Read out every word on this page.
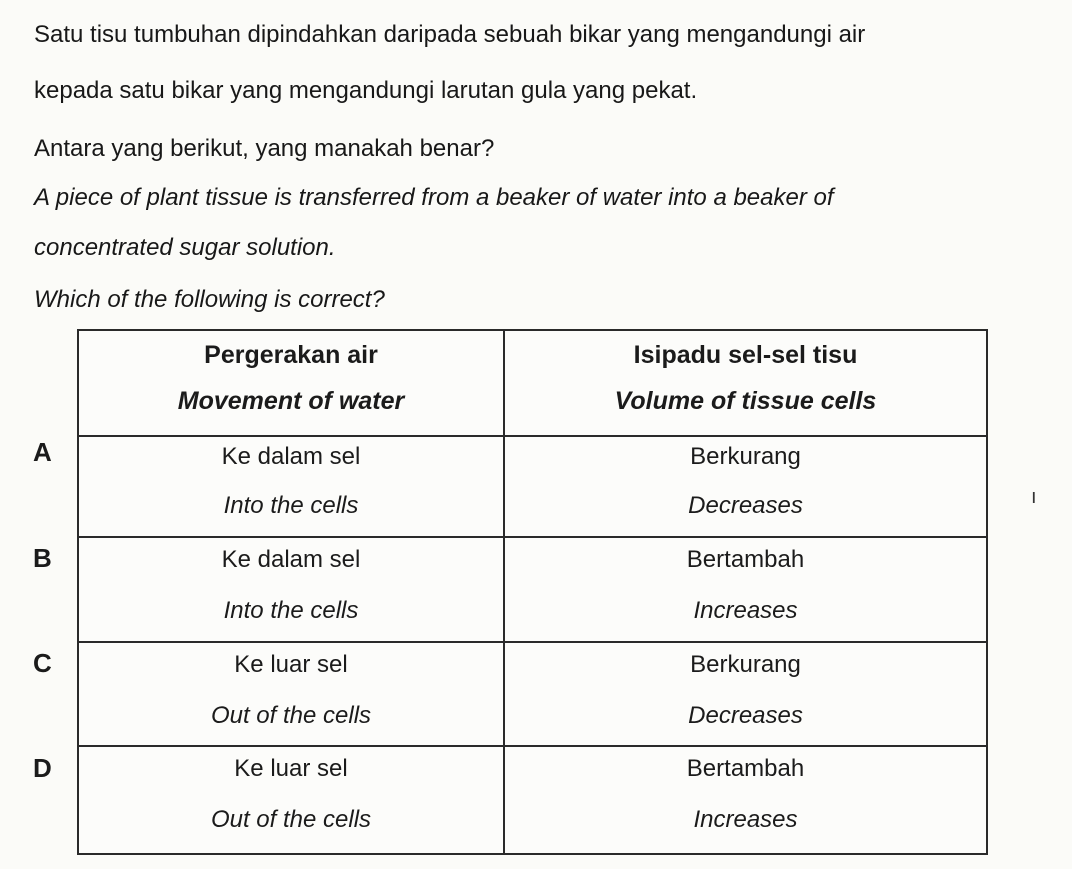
Satu tisu tumbuhan dipindahkan daripada sebuah bikar yang mengandungi air
kepada satu bikar yang mengandungi larutan gula yang pekat.
Antara yang berikut, yang manakah benar?
A piece of plant tissue is transferred from a beaker of water into a beaker of
concentrated sugar solution.
Which of the following is correct?
A
B
C
D
Pergerakan air
Movement of water
Ke dalam sel
Into the cells
Ke dalam sel
Into the cells
Ke luar sel
Out of the cells
Ke luar sel
Out of the cells
Isipadu sel-sel tisu
Volume of tissue cells
Berkurang
Decreases
Bertambah
Increases
Berkurang
Decreases
Bertambah
Increases
ı
